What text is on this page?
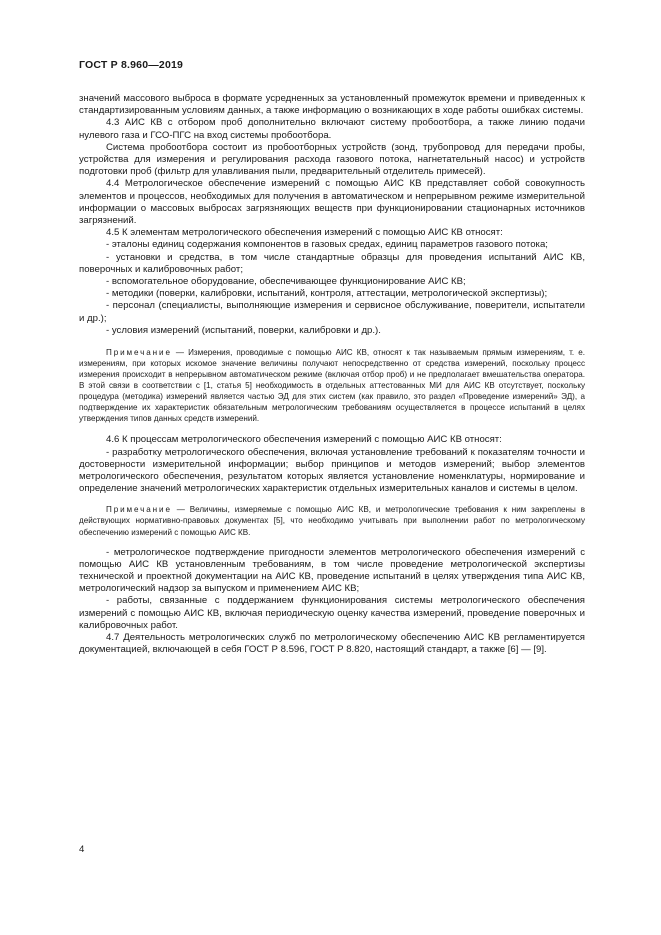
ГОСТ Р 8.960—2019

значений массового выброса в формате усредненных за установленный промежуток времени и приведенных к стандартизированным условиям данных, а также информацию о возникающих в ходе работы ошибках системы.

4.3 АИС КВ с отбором проб дополнительно включают систему пробоотбора, а также линию подачи нулевого газа и ГСО-ПГС на вход системы пробоотбора.

Система пробоотбора состоит из пробоотборных устройств (зонд, трубопровод для передачи пробы, устройства для измерения и регулирования расхода газового потока, нагнетательный насос) и устройств подготовки проб (фильтр для улавливания пыли, предварительный отделитель примесей).

4.4 Метрологическое обеспечение измерений с помощью АИС КВ представляет собой совокупность элементов и процессов, необходимых для получения в автоматическом и непрерывном режиме измерительной информации о массовых выбросах загрязняющих веществ при функционировании стационарных источников загрязнений.

4.5 К элементам метрологического обеспечения измерений с помощью АИС КВ относят:

- эталоны единиц содержания компонентов в газовых средах, единиц параметров газового потока;

- установки и средства, в том числе стандартные образцы для проведения испытаний АИС КВ, поверочных и калибровочных работ;

- вспомогательное оборудование, обеспечивающее функционирование АИС КВ;

- методики (поверки, калибровки, испытаний, контроля, аттестации, метрологической экспертизы);

- персонал (специалисты, выполняющие измерения и сервисное обслуживание, поверители, испытатели и др.);

- условия измерений (испытаний, поверки, калибровки и др.).

Примечание — Измерения, проводимые с помощью АИС КВ, относят к так называемым прямым измерениям, т. е. измерениям, при которых искомое значение величины получают непосредственно от средства измерений, поскольку процесс измерения происходит в непрерывном автоматическом режиме (включая отбор проб) и не предполагает вмешательства оператора. В этой связи в соответствии с [1, статья 5] необходимость в отдельных аттестованных МИ для АИС КВ отсутствует, поскольку процедура (методика) измерений является частью ЭД для этих систем (как правило, это раздел «Проведение измерений» ЭД), а подтверждение их характеристик обязательным метрологическим требованиям осуществляется в процессе испытаний в целях утверждения типов данных средств измерений.

4.6 К процессам метрологического обеспечения измерений с помощью АИС КВ относят:

- разработку метрологического обеспечения, включая установление требований к показателям точности и достоверности измерительной информации; выбор принципов и методов измерений; выбор элементов метрологического обеспечения, результатом которых является установление номенклатуры, нормирование и определение значений метрологических характеристик отдельных измерительных каналов и системы в целом.

Примечание — Величины, измеряемые с помощью АИС КВ, и метрологические требования к ним закреплены в действующих нормативно-правовых документах [5], что необходимо учитывать при выполнении работ по метрологическому обеспечению измерений с помощью АИС КВ.

- метрологическое подтверждение пригодности элементов метрологического обеспечения измерений с помощью АИС КВ установленным требованиям, в том числе проведение метрологической экспертизы технической и проектной документации на АИС КВ, проведение испытаний в целях утверждения типа АИС КВ, метрологический надзор за выпуском и применением АИС КВ;

- работы, связанные с поддержанием функционирования системы метрологического обеспечения измерений с помощью АИС КВ, включая периодическую оценку качества измерений, проведение поверочных и калибровочных работ.

4.7 Деятельность метрологических служб по метрологическому обеспечению АИС КВ регламентируется документацией, включающей в себя ГОСТ Р 8.596, ГОСТ Р 8.820, настоящий стандарт, а также [6] — [9].

4
